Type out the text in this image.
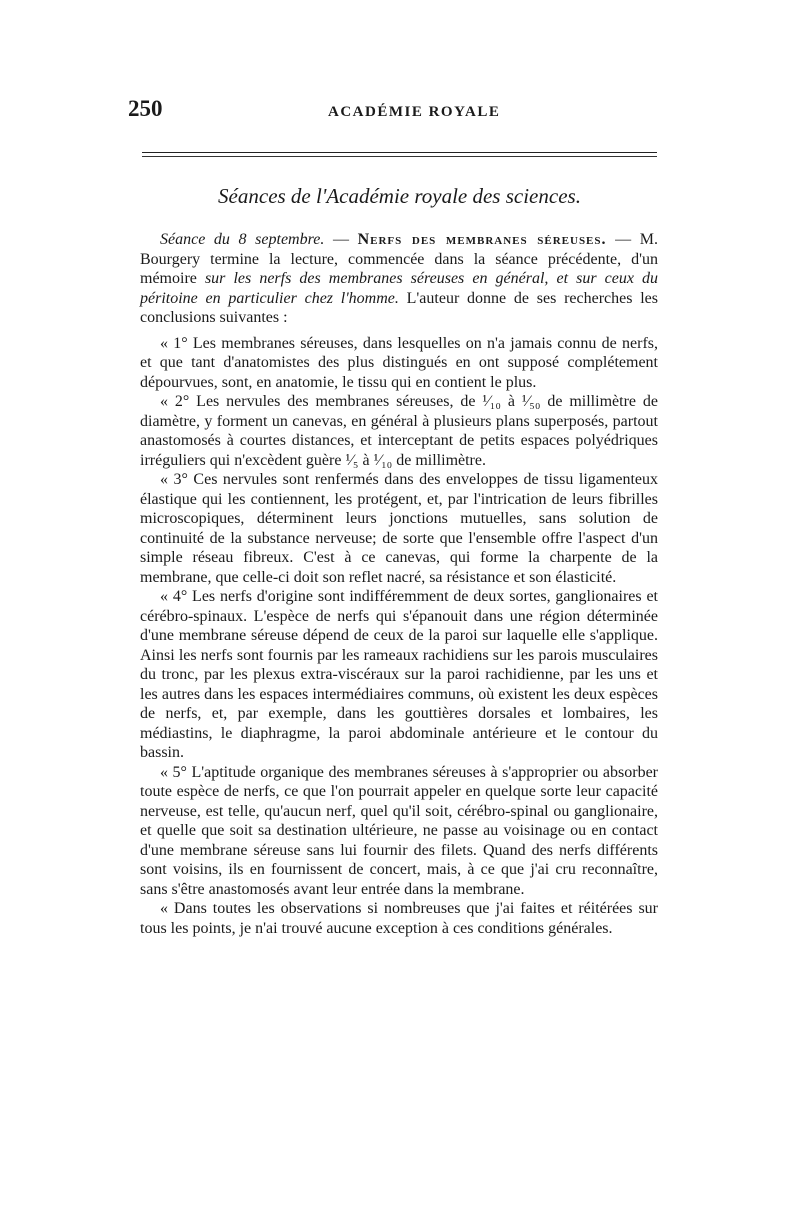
250	ACADÉMIE ROYALE
Séances de l'Académie royale des sciences.

Séance du 8 septembre. — Nerfs des membranes séreuses. — M. Bourgery termine la lecture, commencée dans la séance précédente, d'un mémoire sur les nerfs des membranes séreuses en général, et sur ceux du péritoine en particulier chez l'homme. L'auteur donne de ses recherches les conclusions suivantes :

« 1° Les membranes séreuses, dans lesquelles on n'a jamais connu de nerfs, et que tant d'anatomistes des plus distingués en ont supposé complétement dépourvues, sont, en anatomie, le tissu qui en contient le plus.

« 2° Les nervules des membranes séreuses, de ¹⁄₁₀ à ¹⁄₅₀ de millimètre de diamètre, y forment un canevas, en général à plusieurs plans superposés, partout anastomosés à courtes distances, et interceptant de petits espaces polyédriques irréguliers qui n'excèdent guère ¹⁄₅ à ¹⁄₁₀ de millimètre.

« 3° Ces nervules sont renfermés dans des enveloppes de tissu ligamenteux élastique qui les contiennent, les protégent, et, par l'intrication de leurs fibrilles microscopiques, déterminent leurs jonctions mutuelles, sans solution de continuité de la substance nerveuse; de sorte que l'ensemble offre l'aspect d'un simple réseau fibreux. C'est à ce canevas, qui forme la charpente de la membrane, que celle-ci doit son reflet nacré, sa résistance et son élasticité.

« 4° Les nerfs d'origine sont indifféremment de deux sortes, ganglionaires et cérébro-spinaux. L'espèce de nerfs qui s'épanouit dans une région déterminée d'une membrane séreuse dépend de ceux de la paroi sur laquelle elle s'applique. Ainsi les nerfs sont fournis par les rameaux rachidiens sur les parois musculaires du tronc, par les plexus extra-viscéraux sur la paroi rachidienne, par les uns et les autres dans les espaces intermédiaires communs, où existent les deux espèces de nerfs, et, par exemple, dans les gouttières dorsales et lombaires, les médiastins, le diaphragme, la paroi abdominale antérieure et le contour du bassin.

« 5° L'aptitude organique des membranes séreuses à s'approprier ou absorber toute espèce de nerfs, ce que l'on pourrait appeler en quelque sorte leur capacité nerveuse, est telle, qu'aucun nerf, quel qu'il soit, cérébro-spinal ou ganglionaire, et quelle que soit sa destination ultérieure, ne passe au voisinage ou en contact d'une membrane séreuse sans lui fournir des filets. Quand des nerfs différents sont voisins, ils en fournissent de concert, mais, à ce que j'ai cru reconnaître, sans s'être anastomosés avant leur entrée dans la membrane.

« Dans toutes les observations si nombreuses que j'ai faites et réitérées sur tous les points, je n'ai trouvé aucune exception à ces conditions générales.
